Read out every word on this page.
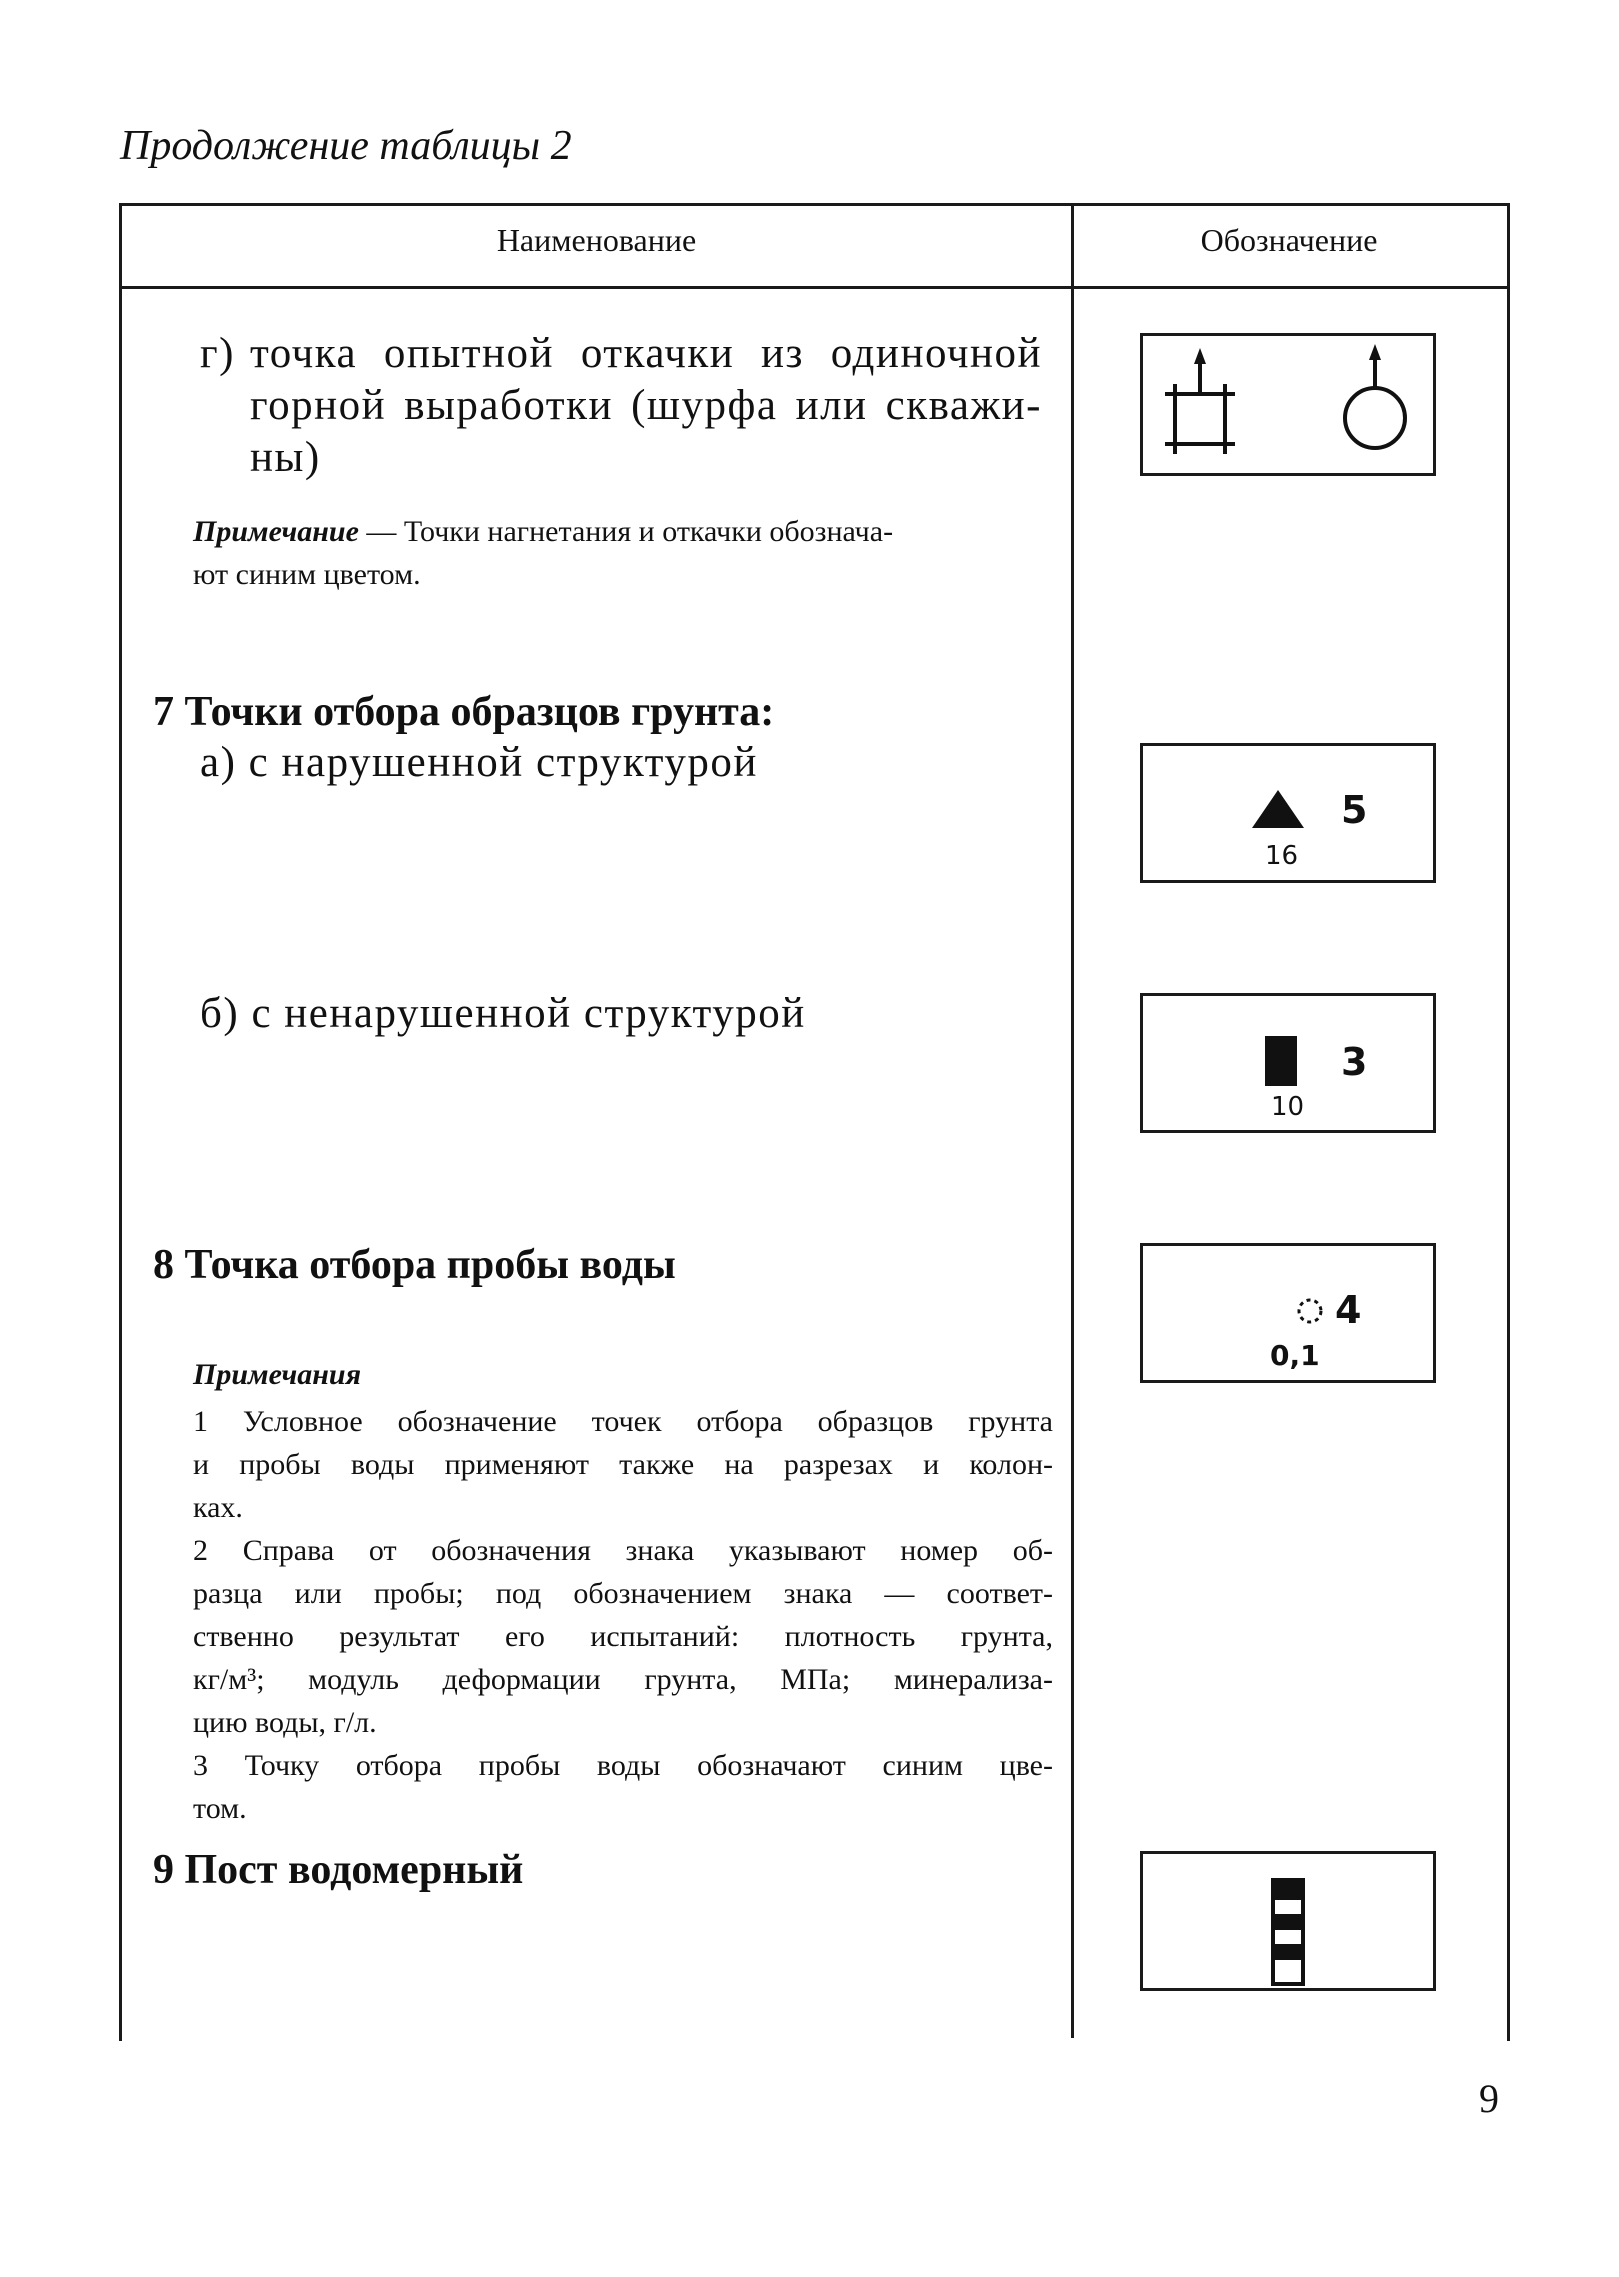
Продолжение таблицы 2
Наименование	Обозначение
г) точка опытной откачки из одиночной
горной выработки (шурфа или скважи-
ны)
Примечание — Точки нагнетания и откачки обознача-
ют синим цветом.
7 Точки отбора образцов грунта:
а) с нарушенной структурой
б) с ненарушенной структурой
5
16
3
10
8 Точка отбора пробы воды
4
0,1
Примечания
1 Условное обозначение точек отбора образцов грунта
и пробы воды применяют также на разрезах и колон-
ках.
2 Справа от обозначения знака указывают номер об-
разца или пробы; под обозначением знака — соответ-
ственно результат его испытаний: плотность грунта,
кг/м³; модуль деформации грунта, МПа; минерализа-
цию воды, г/л.
3 Точку отбора пробы воды обозначают синим цве-
том.
9 Пост водомерный
9
